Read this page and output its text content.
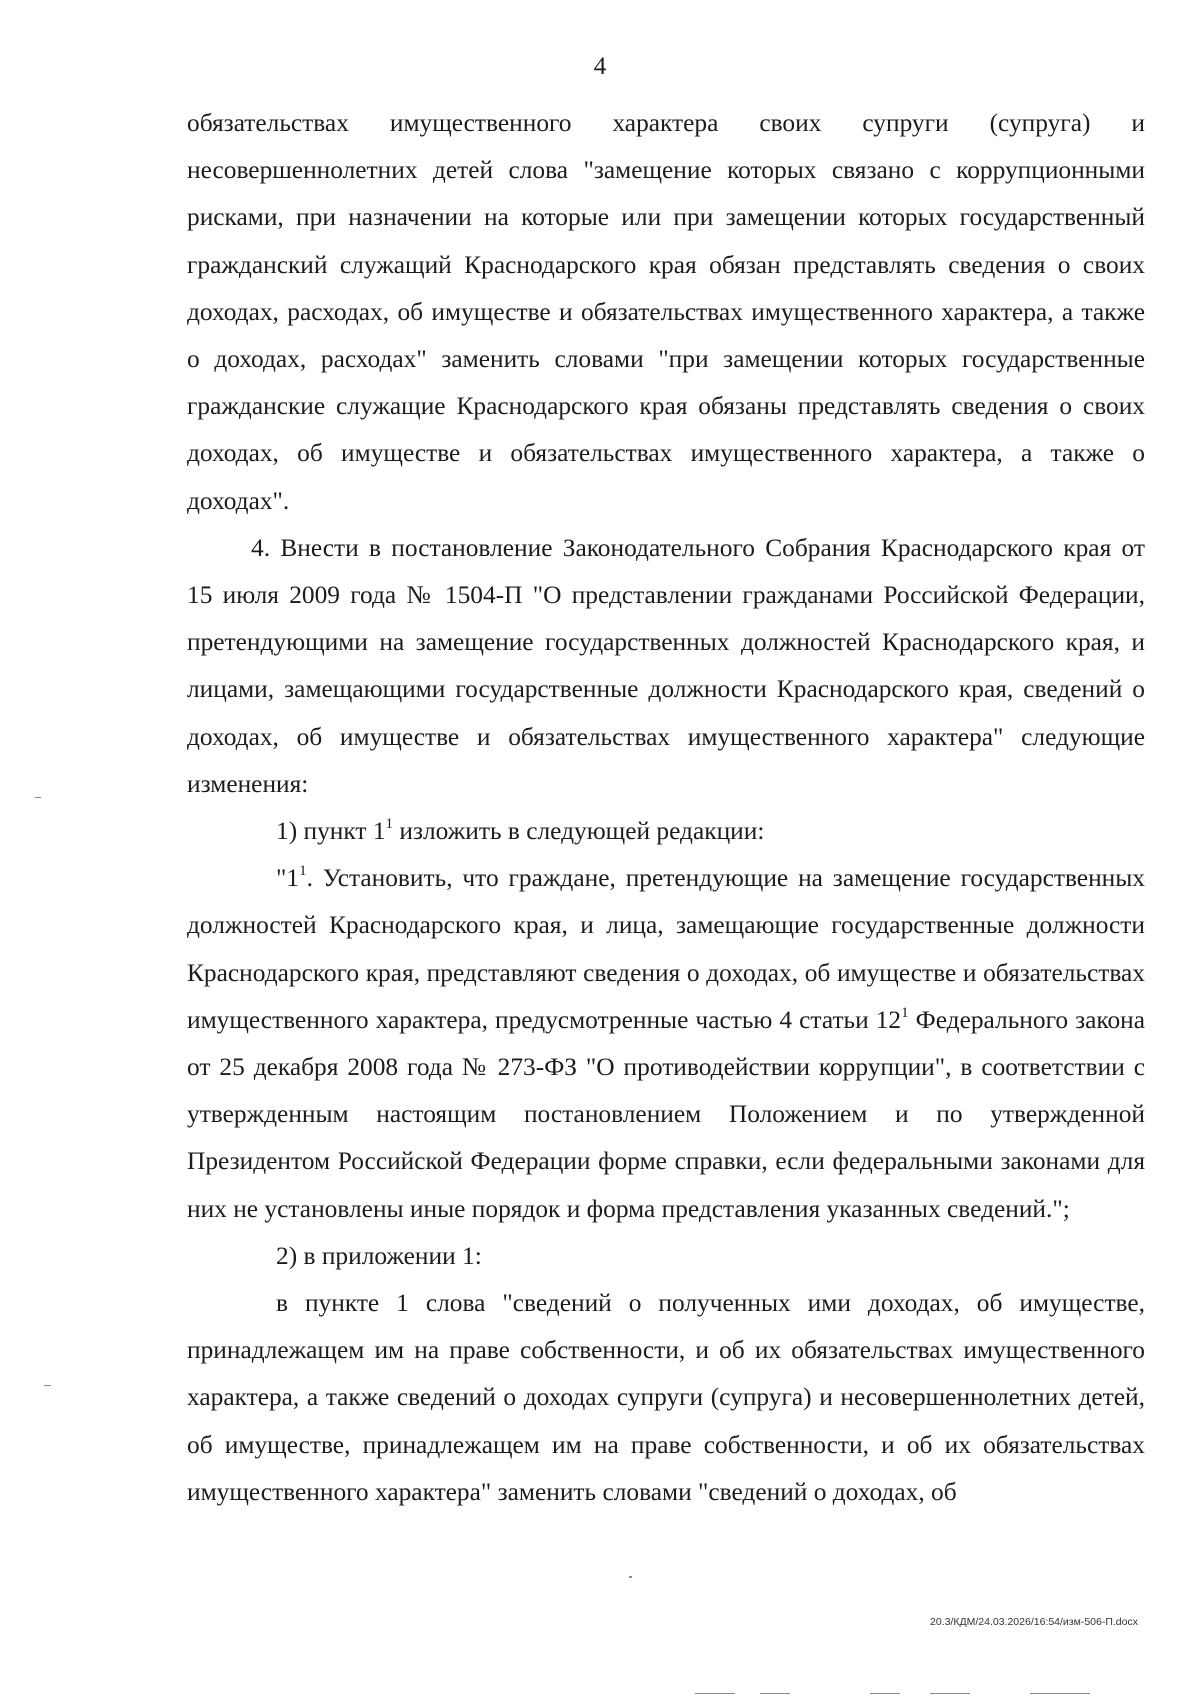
4

обязательствах имущественного характера своих супруги (супруга) и несовершеннолетних детей слова "замещение которых связано с коррупционными рисками, при назначении на которые или при замещении которых государственный гражданский служащий Краснодарского края обязан представлять сведения о своих доходах, расходах, об имуществе и обязательствах имущественного характера, а также о доходах, расходах" заменить словами "при замещении которых государственные гражданские служащие Краснодарского края обязаны представлять сведения о своих доходах, об имуществе и обязательствах имущественного характера, а также о доходах".

4. Внести в постановление Законодательного Собрания Краснодарского края от 15 июля 2009 года № 1504-П "О представлении гражданами Российской Федерации, претендующими на замещение государственных должностей Краснодарского края, и лицами, замещающими государственные должности Краснодарского края, сведений о доходах, об имуществе и обязательствах имущественного характера" следующие изменения:

1) пункт $1^1$ изложить в следующей редакции:

"$1^1$. Установить, что граждане, претендующие на замещение государственных должностей Краснодарского края, и лица, замещающие государственные должности Краснодарского края, представляют сведения о доходах, об имуществе и обязательствах имущественного характера, предусмотренные частью 4 статьи $12^1$ Федерального закона от 25 декабря 2008 года № 273-ФЗ "О противодействии коррупции", в соответствии с утвержденным настоящим постановлением Положением и по утвержденной Президентом Российской Федерации форме справки, если федеральными законами для них не установлены иные порядок и форма представления указанных сведений.";

2) в приложении 1:

в пункте 1 слова "сведений о полученных ими доходах, об имуществе, принадлежащем им на праве собственности, и об их обязательствах имущественного характера, а также сведений о доходах супруги (супруга) и несовершеннолетних детей, об имуществе, принадлежащем им на праве собственности, и об их обязательствах имущественного характера" заменить словами "сведений о доходах, об

20.3/КДМ/24.03.2026/16:54/изм-506-П.docx
